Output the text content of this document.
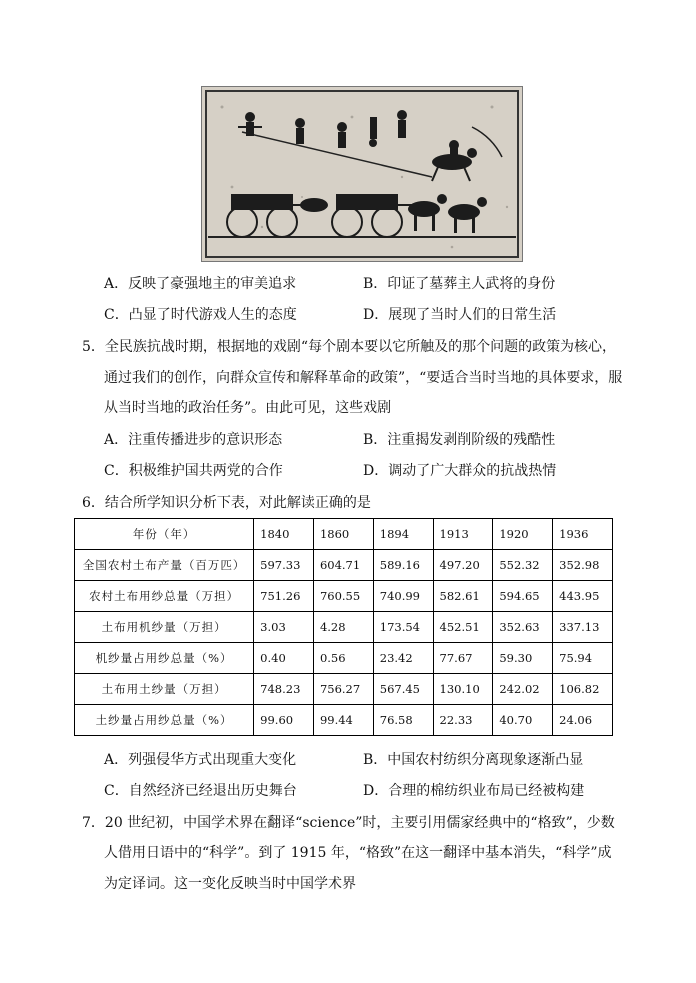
A．反映了豪强地主的审美追求	B．印证了墓葬主人武将的身份
C．凸显了时代游戏人生的态度	D．展现了当时人们的日常生活
5．全民族抗战时期，根据地的戏剧“每个剧本要以它所触及的那个问题的政策为核心，
通过我们的创作，向群众宣传和解释革命的政策”，“要适合当时当地的具体要求，服
从当时当地的政治任务”。由此可见，这些戏剧
A．注重传播进步的意识形态	B．注重揭发剥削阶级的残酷性
C．积极维护国共两党的合作	D．调动了广大群众的抗战热情
6．结合所学知识分析下表，对此解读正确的是
年份（年）	1840	1860	1894	1913	1920	1936
全国农村土布产量（百万匹）	597.33	604.71	589.16	497.20	552.32	352.98
农村土布用纱总量（万担）	751.26	760.55	740.99	582.61	594.65	443.95
土布用机纱量（万担）	3.03	4.28	173.54	452.51	352.63	337.13
机纱量占用纱总量（%）	0.40	0.56	23.42	77.67	59.30	75.94
土布用土纱量（万担）	748.23	756.27	567.45	130.10	242.02	106.82
土纱量占用纱总量（%）	99.60	99.44	76.58	22.33	40.70	24.06
A．列强侵华方式出现重大变化	B．中国农村纺织分离现象逐渐凸显
C．自然经济已经退出历史舞台	D．合理的棉纺织业布局已经被构建
7．20 世纪初，中国学术界在翻译“science”时，主要引用儒家经典中的“格致”，少数
人借用日语中的“科学”。到了 1915 年，“格致”在这一翻译中基本消失，“科学”成
为定译词。这一变化反映当时中国学术界
